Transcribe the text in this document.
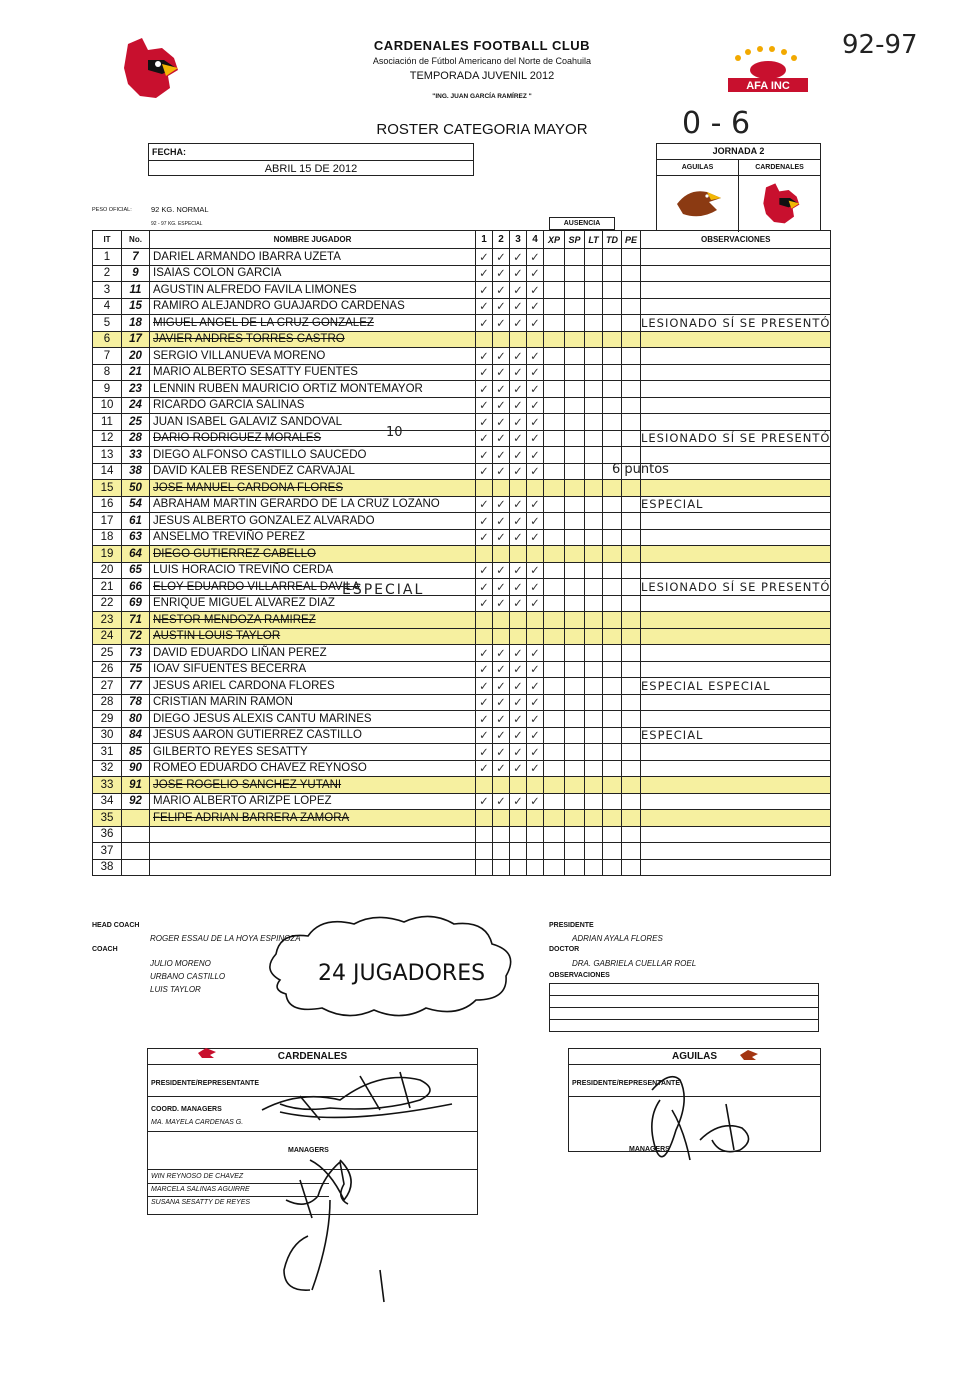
CARDENALES FOOTBALL CLUB
Asociación de Fútbol Americano del Norte de Coahuila
TEMPORADA JUVENIL 2012
"ING. JUAN GARCÍA RAMÍREZ "
AFA INC
92-97
0 - 6
ROSTER CATEGORIA MAYOR
FECHA:
ABRIL 15 DE 2012
JORNADA 2
AGUILAS	CARDENALES
PESO OFICIAL:	92 KG. NORMAL
92 - 97 KG. ESPECIAL	AUSENCIA
IT	No.	NOMBRE JUGADOR	1	2	3	4	XP	SP	LT	TD	PE	OBSERVACIONES
1	7	DARIEL ARMANDO IBARRA UZETA	✓	✓	✓	✓						
2	9	ISAIAS COLON GARCIA	✓	✓	✓	✓						
3	11	AGUSTIN ALFREDO FAVILA LIMONES	✓	✓	✓	✓						
4	15	RAMIRO ALEJANDRO GUAJARDO CARDENAS	✓	✓	✓	✓						
5	18	MIGUEL ANGEL DE LA CRUZ GONZALEZ	✓	✓	✓	✓						LESIONADO SÍ SE PRESENTÓ
6	17	JAVIER ANDRES TORRES CASTRO										
7	20	SERGIO VILLANUEVA MORENO	✓	✓	✓	✓						
8	21	MARIO ALBERTO SESATTY FUENTES	✓	✓	✓	✓						
9	23	LENNIN RUBEN MAURICIO ORTIZ MONTEMAYOR	✓	✓	✓	✓						
10	24	RICARDO GARCIA SALINAS	✓	✓	✓	✓						
11	25	JUAN ISABEL GALAVIZ SANDOVAL	✓	✓	✓	✓						
12	28	DARIO RODRIGUEZ MORALES	✓	✓	✓	✓						LESIONADO SÍ SE PRESENTÓ
13	33	DIEGO ALFONSO CASTILLO SAUCEDO	✓	✓	✓	✓						
14	38	DAVID KALEB RESENDEZ CARVAJAL	✓	✓	✓	✓						
15	50	JOSE MANUEL CARDONA FLORES										
16	54	ABRAHAM MARTIN GERARDO DE LA CRUZ LOZANO	✓	✓	✓	✓						ESPECIAL
17	61	JESUS ALBERTO GONZALEZ ALVARADO	✓	✓	✓	✓						
18	63	ANSELMO TREVIÑO PEREZ	✓	✓	✓	✓						
19	64	DIEGO GUTIERREZ CABELLO										
20	65	LUIS HORACIO TREVIÑO CERDA	✓	✓	✓	✓						
21	66	ELOY EDUARDO VILLARREAL DAVILA	✓	✓	✓	✓						LESIONADO SÍ SE PRESENTÓ
22	69	ENRIQUE MIGUEL ALVAREZ DIAZ	✓	✓	✓	✓						
23	71	NESTOR MENDOZA RAMIREZ										
24	72	AUSTIN LOUIS TAYLOR										
25	73	DAVID EDUARDO LIÑAN PEREZ	✓	✓	✓	✓						
26	75	IOAV SIFUENTES BECERRA	✓	✓	✓	✓						
27	77	JESUS ARIEL CARDONA FLORES	✓	✓	✓	✓						ESPECIAL ESPECIAL
28	78	CRISTIAN MARIN RAMON	✓	✓	✓	✓						
29	80	DIEGO JESUS ALEXIS CANTU MARINES	✓	✓	✓	✓						
30	84	JESUS AARON GUTIERREZ CASTILLO	✓	✓	✓	✓						ESPECIAL
31	85	GILBERTO REYES SESATTY	✓	✓	✓	✓						
32	90	ROMEO EDUARDO CHAVEZ REYNOSO	✓	✓	✓	✓						
33	91	JOSE ROGELIO SANCHEZ YUTANI										
34	92	MARIO ALBERTO ARIZPE LOPEZ	✓	✓	✓	✓						
35		FELIPE ADRIAN BARRERA ZAMORA										
36												
37												
38												
10
6 puntos
ESPECIAL
HEAD COACH
ROGER ESSAU DE LA HOYA ESPINOZA
COACH
JULIO MORENO
URBANO CASTILLO
LUIS TAYLOR
24 JUGADORES
PRESIDENTE
ADRIAN AYALA FLORES
DOCTOR
DRA. GABRIELA CUELLAR ROEL
OBSERVACIONES
CARDENALES
PRESIDENTE/REPRESENTANTE
COORD. MANAGERS
MA. MAYELA CARDENAS G.
MANAGERS
WIN REYNOSO DE CHAVEZ
MARCELA SALINAS AGUIRRE
SUSANA SESATTY DE REYES
AGUILAS
PRESIDENTE/REPRESENTANTE
MANAGERS
